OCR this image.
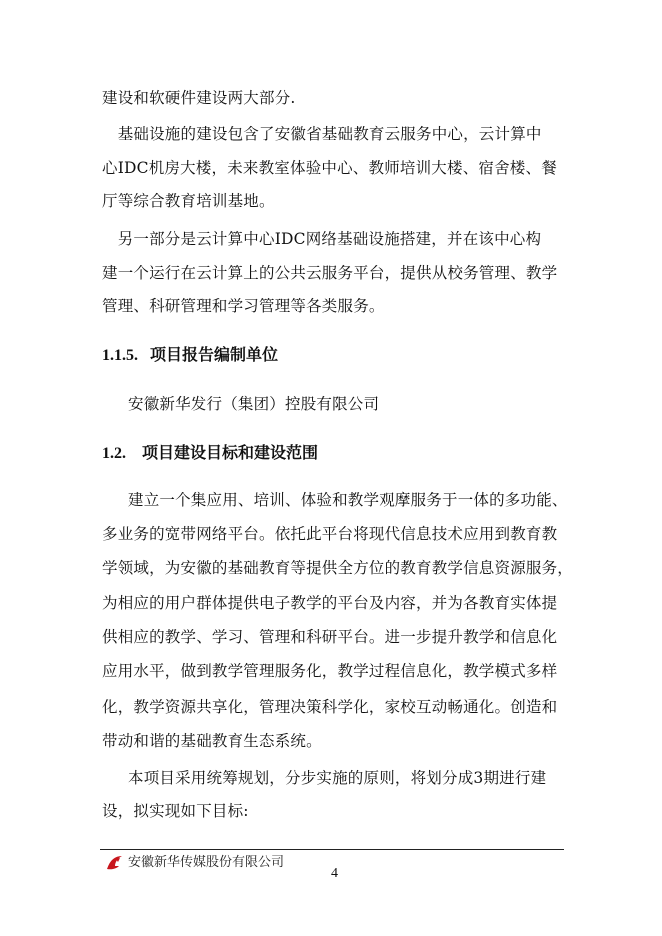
建设和软硬件建设两大部分.
　基础设施的建设包含了安徽省基础教育云服务中心，云计算中
心IDC机房大楼，未来教室体验中心、教师培训大楼、宿舍楼、餐
厅等综合教育培训基地。
　另一部分是云计算中心IDC网络基础设施搭建，并在该中心构
建一个运行在云计算上的公共云服务平台，提供从校务管理、教学
管理、科研管理和学习管理等各类服务。
1.1.5. 项目报告编制单位
安徽新华发行（集团）控股有限公司
1.2. 项目建设目标和建设范围
建立一个集应用、培训、体验和教学观摩服务于一体的多功能、
多业务的宽带网络平台。依托此平台将现代信息技术应用到教育教
学领域，为安徽的基础教育等提供全方位的教育教学信息资源服务，
为相应的用户群体提供电子教学的平台及内容，并为各教育实体提
供相应的教学、学习、管理和科研平台。进一步提升教学和信息化
应用水平，做到教学管理服务化，教学过程信息化，教学模式多样
化，教学资源共享化，管理决策科学化，家校互动畅通化。创造和
带动和谐的基础教育生态系统。
本项目采用统筹规划，分步实施的原则，将划分成3期进行建
设，拟实现如下目标:
安徽新华传媒股份有限公司
4
